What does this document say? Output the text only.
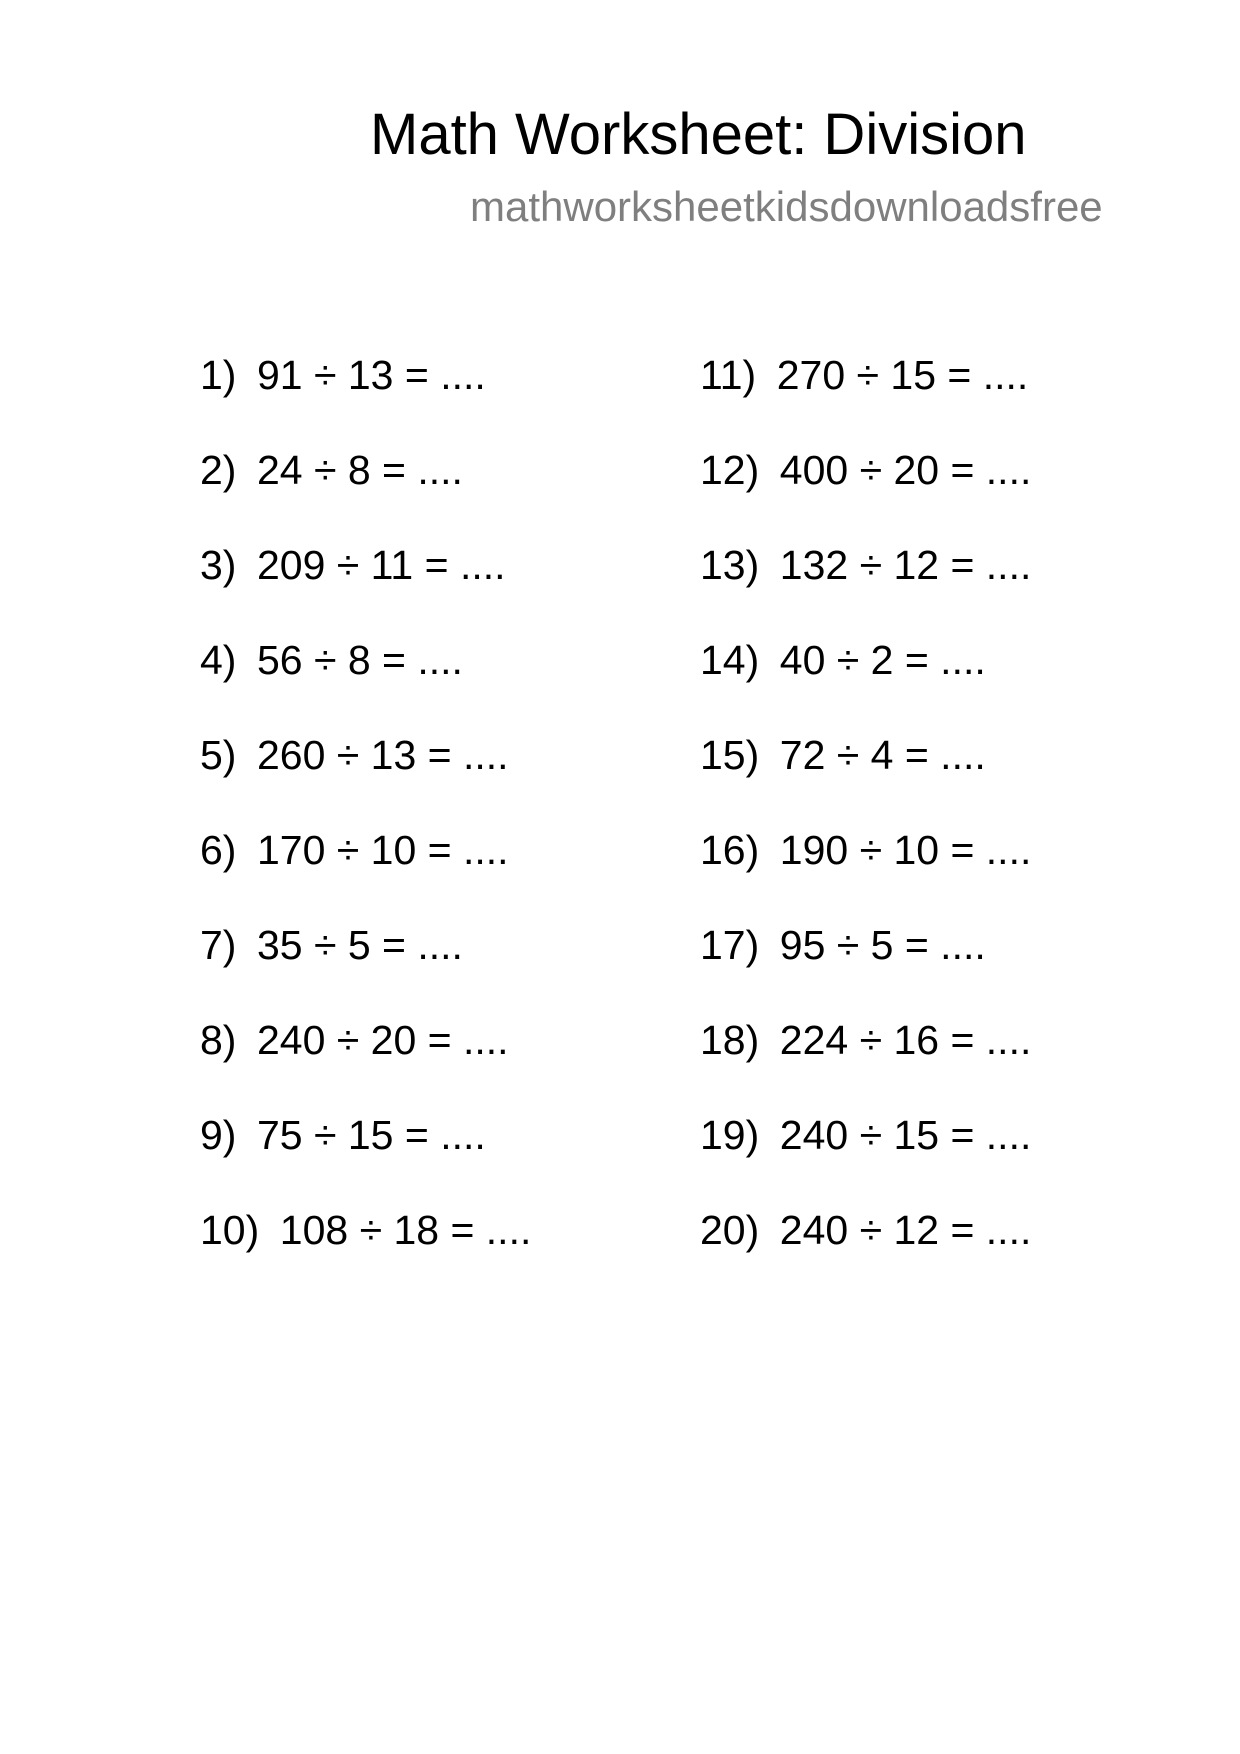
Math Worksheet: Division
mathworksheetkidsdownloadsfree
1) 91 ÷ 13 = ....
2) 24 ÷ 8 = ....
3) 209 ÷ 11 = ....
4) 56 ÷ 8 = ....
5) 260 ÷ 13 = ....
6) 170 ÷ 10 = ....
7) 35 ÷ 5 = ....
8) 240 ÷ 20 = ....
9) 75 ÷ 15 = ....
10) 108 ÷ 18 = ....
11) 270 ÷ 15 = ....
12) 400 ÷ 20 = ....
13) 132 ÷ 12 = ....
14) 40 ÷ 2 = ....
15) 72 ÷ 4 = ....
16) 190 ÷ 10 = ....
17) 95 ÷ 5 = ....
18) 224 ÷ 16 = ....
19) 240 ÷ 15 = ....
20) 240 ÷ 12 = ....
